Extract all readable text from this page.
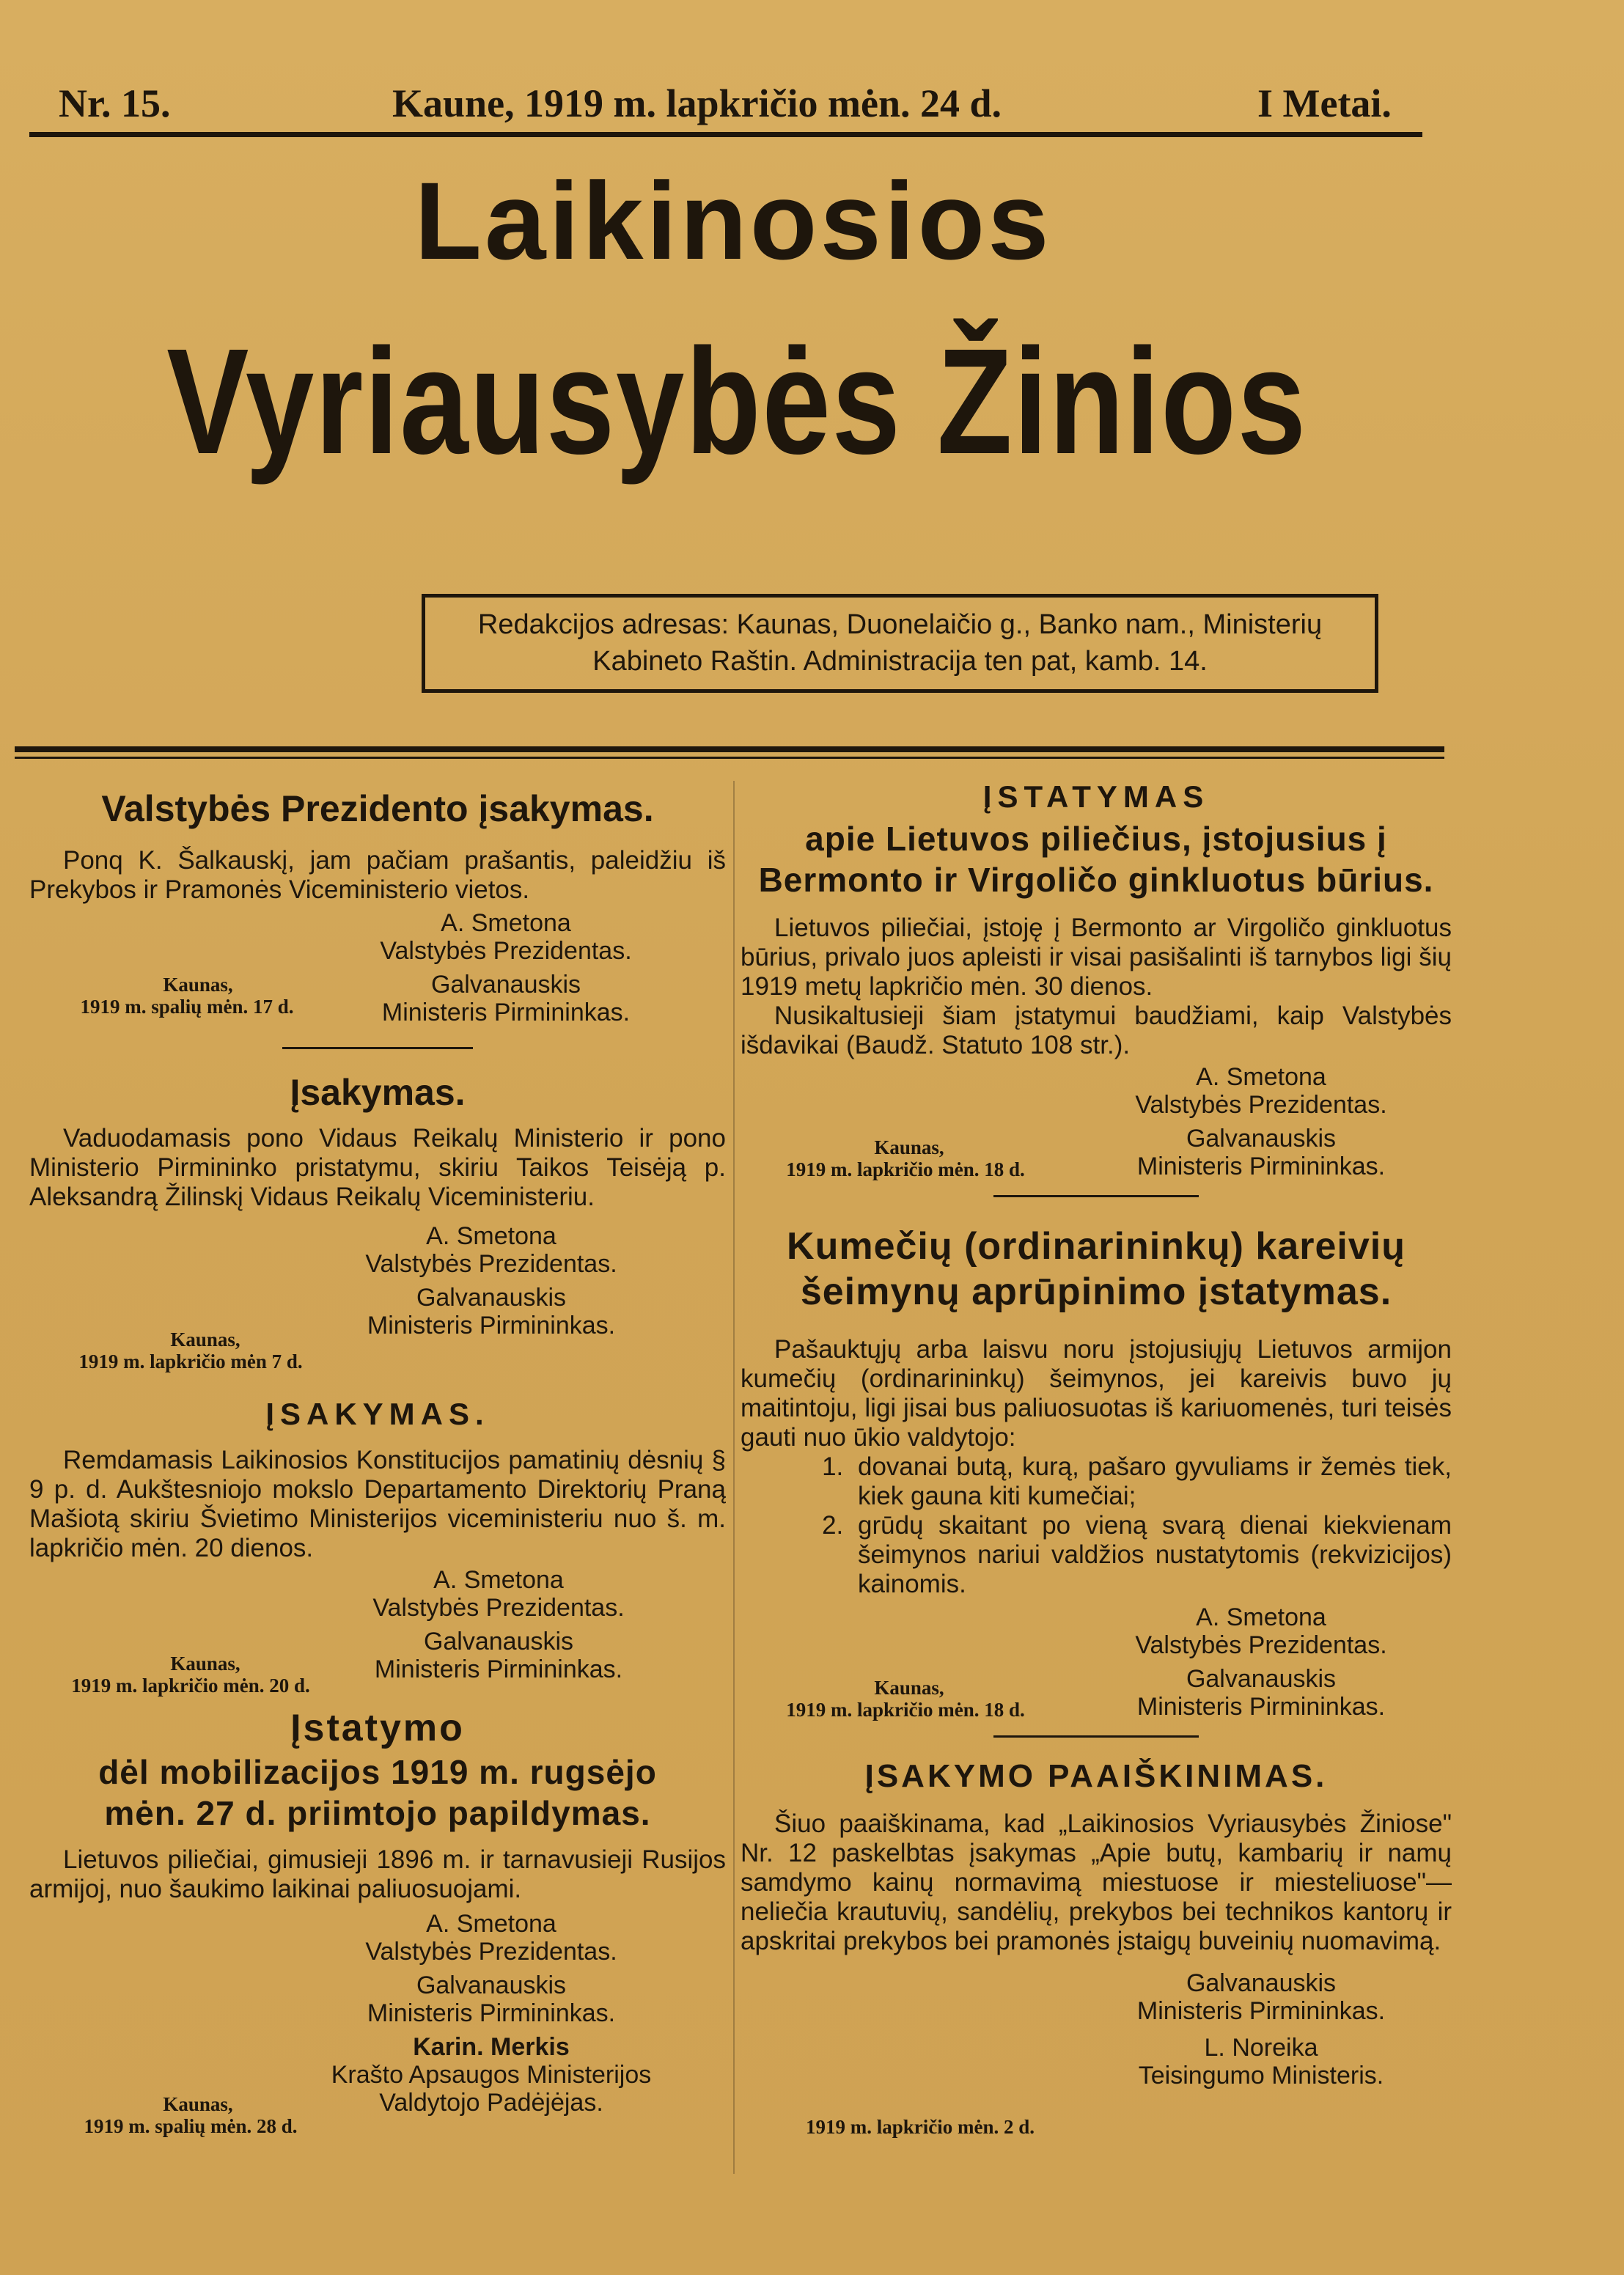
Nr. 15.	Kaune, 1919 m. lapkričio mėn. 24 d.	I Metai.
Laikinosios
Vyriausybės Žinios
Redakcijos adresas: Kaunas, Duonelaičio g., Banko nam., Ministerių
Kabineto Raštin. Administracija ten pat, kamb. 14.
Valstybės Prezidento įsakymas.

Ponq K. Šalkauskį, jam pačiam prašantis, paleidžiu iš Prekybos ir Pramonės Viceministerio vietos.

A. Smetona

Valstybės Prezidentas.

Galvanauskis

Ministeris Pirmininkas.

Kaunas,
1919 m. spalių mėn. 17 d.
Įsakymas.

Vaduodamasis pono Vidaus Reikalų Ministerio ir pono Ministerio Pirmininko pristatymu, skiriu Taikos Teisėją p. Aleksandrą Žilinskį Vidaus Reikalų Viceministeriu.

A. Smetona

Valstybės Prezidentas.

Galvanauskis

Ministeris Pirmininkas.

Kaunas,
1919 m. lapkričio mėn 7 d.
ĮSAKYMAS.

Remdamasis Laikinosios Konstitucijos pamatinių dėsnių § 9 p. d. Aukštesniojo mokslo Departamento Direktorių Praną Mašiotą skiriu Švietimo Ministerijos viceministeriu nuo š. m. lapkričio mėn. 20 dienos.

A. Smetona

Valstybės Prezidentas.

Galvanauskis

Ministeris Pirmininkas.

Kaunas,
1919 m. lapkričio mėn. 20 d.
Įstatymo
dėl mobilizacijos 1919 m. rugsėjo mėn. 27 d. priimtojo papildymas.

Lietuvos piliečiai, gimusieji 1896 m. ir tarnavusieji Rusijos armijoj, nuo šaukimo laikinai paliuosuojami.

A. Smetona

Valstybės Prezidentas.

Galvanauskis

Ministeris Pirmininkas.

Karin. Merkis

Krašto Apsaugos Ministerijos

Valdytojo Padėjėjas.

Kaunas,
1919 m. spalių mėn. 28 d.
ĮSTATYMAS
apie Lietuvos piliečius, įstojusius į Bermonto ir Virgoličo ginkluotus būrius.

Lietuvos piliečiai, įstoję į Bermonto ar Virgoličo ginkluotus būrius, privalo juos apleisti ir visai pasišalinti iš tarnybos ligi šių 1919 metų lapkričio mėn. 30 dienos.

Nusikaltusieji šiam įstatymui baudžiami, kaip Valstybės išdavikai (Baudž. Statuto 108 str.).

A. Smetona

Valstybės Prezidentas.

Galvanauskis

Ministeris Pirmininkas.

Kaunas,
1919 m. lapkričio mėn. 18 d.
Kumečių (ordinarininkų) kareivių šeimynų aprūpinimo įstatymas.

Pašauktųjų arba laisvu noru įstojusiųjų Lietuvos armijon kumečių (ordinarininkų) šeimynos, jei kareivis buvo jų maitintoju, ligi jisai bus paliuosuotas iš kariuomenės, turi teisės gauti nuo ūkio valdytojo:

1. dovanai butą, kurą, pašaro gyvuliams ir žemės tiek, kiek gauna kiti kumečiai;
2. grūdų skaitant po vieną svarą dienai kiekvienam šeimynos nariui valdžios nustatytomis (rekvizicijos) kainomis.

A. Smetona

Valstybės Prezidentas.

Galvanauskis

Ministeris Pirmininkas.

Kaunas,
1919 m. lapkričio mėn. 18 d.
ĮSAKYMO PAAIŠKINIMAS.

Šiuo paaiškinama, kad „Laikinosios Vyriausybės Žiniose" Nr. 12 paskelbtas įsakymas „Apie butų, kambarių ir namų samdymo kainų normavimą miestuose ir miesteliuose"—neliečia krautuvių, sandėlių, prekybos bei technikos kantorų ir apskritai prekybos bei pramonės įstaigų buveinių nuomavimą.

Galvanauskis

Ministeris Pirmininkas.

L. Noreika

Teisingumo Ministeris.

1919 m. lapkričio mėn. 2 d.
